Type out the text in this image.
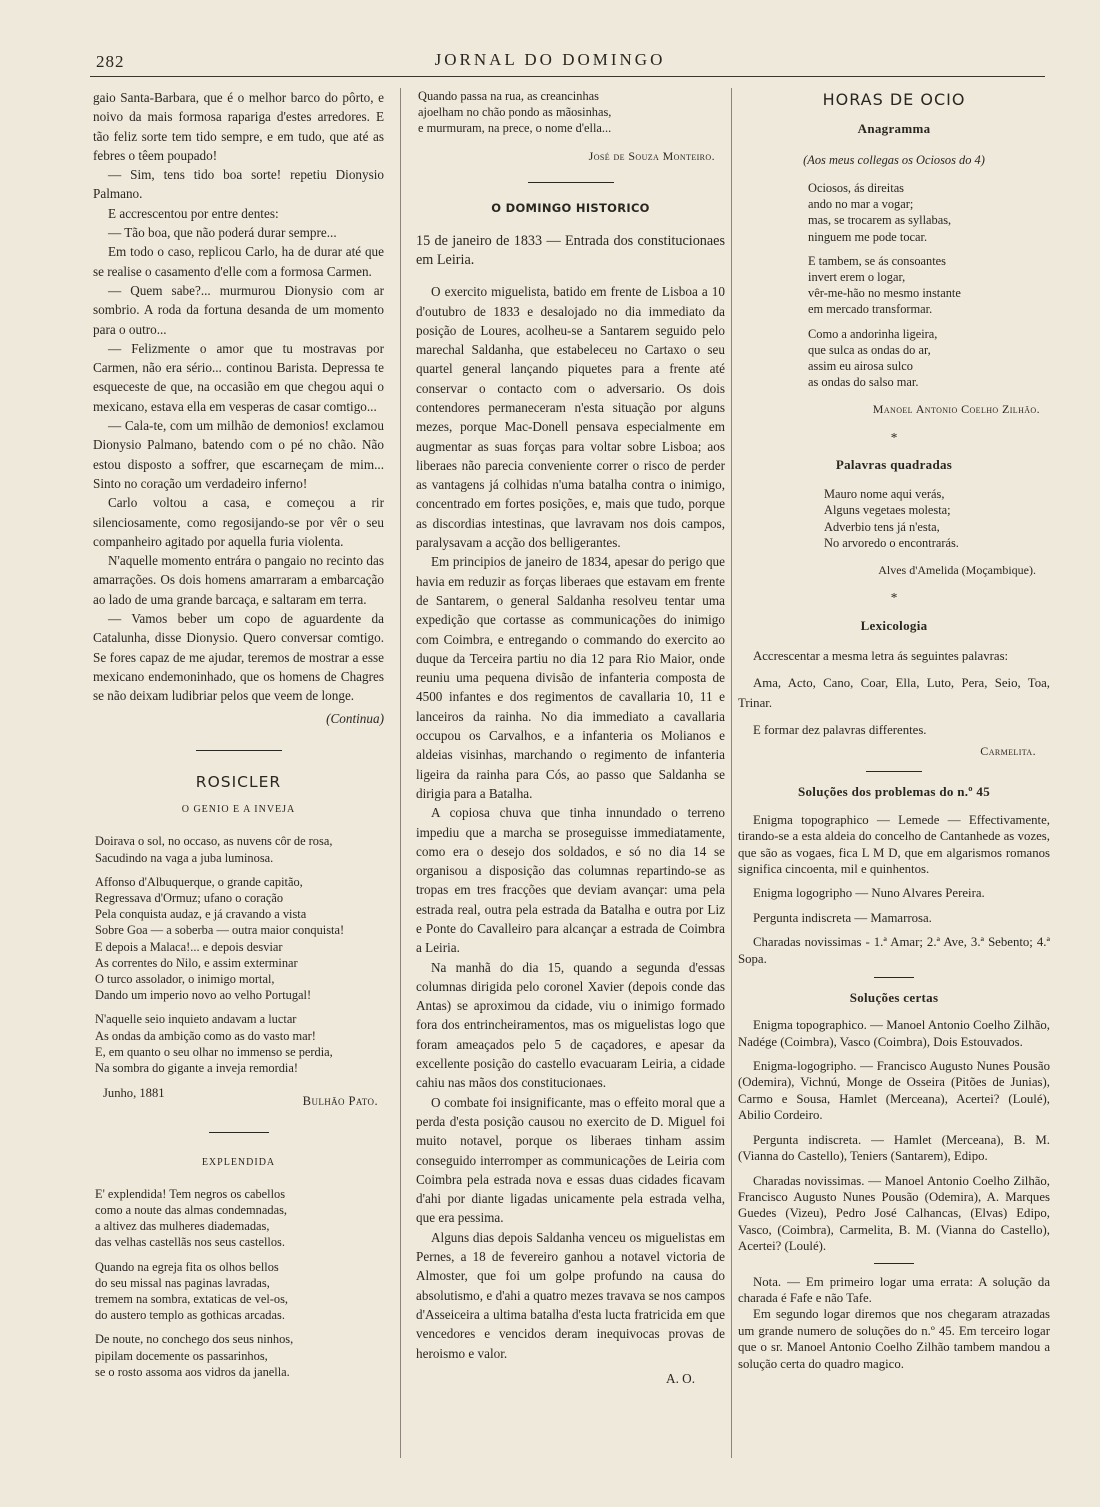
282	JORNAL DO DOMINGO

gaio Santa-Barbara, que é o melhor barco do pôrto, e noivo da mais formosa rapariga d'estes arredores. E tão feliz sorte tem tido sempre, e em tudo, que até as febres o têem poupado!

— Sim, tens tido boa sorte! repetiu Dionysio Palmano.

E accrescentou por entre dentes:

— Tão boa, que não poderá durar sempre...

Em todo o caso, replicou Carlo, ha de durar até que se realise o casamento d'elle com a formosa Carmen.

— Quem sabe?... murmurou Dionysio com ar sombrio. A roda da fortuna desanda de um momento para o outro...

— Felizmente o amor que tu mostravas por Carmen, não era sério... continou Barista. Depressa te esqueceste de que, na occasião em que chegou aqui o mexicano, estava ella em vesperas de casar comtigo...

— Cala-te, com um milhão de demonios! exclamou Dionysio Palmano, batendo com o pé no chão. Não estou disposto a soffrer, que escarneçam de mim... Sinto no coração um verdadeiro inferno!

Carlo voltou a casa, e começou a rir silenciosamente, como regosijando-se por vêr o seu companheiro agitado por aquella furia violenta.

N'aquelle momento entrára o pangaio no recinto das amarrações. Os dois homens amarraram a embarcação ao lado de uma grande barcaça, e saltaram em terra.

— Vamos beber um copo de aguardente da Catalunha, disse Dionysio. Quero conversar comtigo. Se fores capaz de me ajudar, teremos de mostrar a esse mexicano endemoninhado, que os homens de Chagres se não deixam ludibriar pelos que veem de longe.

(Continua)

ROSICLER
O GENIO E A INVEJA
Doirava o sol, no occaso, as nuvens côr de rosa,
Sacudindo na vaga a juba luminosa.
Affonso d'Albuquerque, o grande capitão,
Regressava d'Ormuz; ufano o coração
Pela conquista audaz, e já cravando a vista
Sobre Goa — a soberba — outra maior conquista!
E depois a Malaca!... e depois desviar
As correntes do Nilo, e assim exterminar
O turco assolador, o inimigo mortal,
Dando um imperio novo ao velho Portugal!
N'aquelle seio inquieto andavam a luctar
As ondas da ambição como as do vasto mar!
E, em quanto o seu olhar no immenso se perdia,
Na sombra do gigante a inveja remordia!
Junho, 1881
Bulhão Pato.
EXPLENDIDA
E' explendida! Tem negros os cabellos
como a noute das almas condemnadas,
a altivez das mulheres diademadas,
das velhas castellãs nos seus castellos.
Quando na egreja fita os olhos bellos
do seu missal nas paginas lavradas,
tremem na sombra, extaticas de vel-os,
do austero templo as gothicas arcadas.
De noute, no conchego dos seus ninhos,
pipilam docemente os passarinhos,
se o rosto assoma aos vidros da janella.
Quando passa na rua, as creancinhas
ajoelham no chão pondo as mãosinhas,
e murmuram, na prece, o nome d'ella...

José de Souza Monteiro.

O DOMINGO HISTORICO

15 de janeiro de 1833 — Entrada dos constitucionaes em Leiria.

O exercito miguelista, batido em frente de Lisboa a 10 d'outubro de 1833 e desalojado no dia immediato da posição de Loures, acolheu-se a Santarem seguido pelo marechal Saldanha, que estabeleceu no Cartaxo o seu quartel general lançando piquetes para a frente até conservar o contacto com o adversario. Os dois contendores permaneceram n'esta situação por alguns mezes, porque Mac-Donell pensava especialmente em augmentar as suas forças para voltar sobre Lisboa; aos liberaes não parecia conveniente correr o risco de perder as vantagens já colhidas n'uma batalha contra o inimigo, concentrado em fortes posições, e, mais que tudo, porque as discordias intestinas, que lavravam nos dois campos, paralysavam a acção dos belligerantes.

Em principios de janeiro de 1834, apesar do perigo que havia em reduzir as forças liberaes que estavam em frente de Santarem, o general Saldanha resolveu tentar uma expedição que cortasse as communicações do inimigo com Coimbra, e entregando o commando do exercito ao duque da Terceira partiu no dia 12 para Rio Maior, onde reuniu uma pequena divisão de infanteria composta de 4500 infantes e dos regimentos de cavallaria 10, 11 e lanceiros da rainha. No dia immediato a cavallaria occupou os Carvalhos, e a infanteria os Molianos e aldeias visinhas, marchando o regimento de infanteria ligeira da rainha para Cós, ao passo que Saldanha se dirigia para a Batalha.

A copiosa chuva que tinha innundado o terreno impediu que a marcha se proseguisse immediatamente, como era o desejo dos soldados, e só no dia 14 se organisou a disposição das columnas repartindo-se as tropas em tres fracções que deviam avançar: uma pela estrada real, outra pela estrada da Batalha e outra por Liz e Ponte do Cavalleiro para alcançar a estrada de Coimbra a Leiria.

Na manhã do dia 15, quando a segunda d'essas columnas dirigida pelo coronel Xavier (depois conde das Antas) se aproximou da cidade, viu o inimigo formado fora dos entrincheiramentos, mas os miguelistas logo que foram ameaçados pelo 5 de caçadores, e apesar da excellente posição do castello evacuaram Leiria, a cidade cahiu nas mãos dos constitucionaes.

O combate foi insignificante, mas o effeito moral que a perda d'esta posição causou no exercito de D. Miguel foi muito notavel, porque os liberaes tinham assim conseguido interromper as communicações de Leiria com Coimbra pela estrada nova e essas duas cidades ficavam d'ahi por diante ligadas unicamente pela estrada velha, que era pessima.

Alguns dias depois Saldanha venceu os miguelistas em Pernes, a 18 de fevereiro ganhou a notavel victoria de Almoster, que foi um golpe profundo na causa do absolutismo, e d'ahi a quatro mezes travava se nos campos d'Asseiceira a ultima batalha d'esta lucta fratricida em que vencedores e vencidos deram inequivocas provas de heroismo e valor.

A. O.

HORAS DE OCIO
Anagramma

(Aos meus collegas os Ociosos do 4)

Ociosos, ás direitas
ando no mar a vogar;
mas, se trocarem as syllabas,
ninguem me pode tocar.
E tambem, se ás consoantes
invert erem o logar,
vêr-me-hão no mesmo instante
em mercado transformar.
Como a andorinha ligeira,
que sulca as ondas do ar,
assim eu airosa sulco
as ondas do salso mar.

Manoel Antonio Coelho Zilhão.

*

Palavras quadradas
Mauro nome aqui verás,
Alguns vegetaes molesta;
Adverbio tens já n'esta,
No arvoredo o encontrarás.

Alves d'Amelida (Moçambique).

*

Lexicologia

Accrescentar a mesma letra ás seguintes palavras:

Ama, Acto, Cano, Coar, Ella, Luto, Pera, Seio, Toa, Trinar.

E formar dez palavras differentes.

Carmelita.

Soluções dos problemas do n.º 45

Enigma topographico — Lemede — Effectivamente, tirando-se a esta aldeia do concelho de Cantanhede as vozes, que são as vogaes, fica L M D, que em algarismos romanos significa cincoenta, mil e quinhentos.

Enigma logogripho — Nuno Alvares Pereira.

Pergunta indiscreta — Mamarrosa.

Charadas novissimas - 1.ª Amar; 2.ª Ave, 3.ª Sebento; 4.ª Sopa.

Soluções certas

Enigma topographico. — Manoel Antonio Coelho Zilhão, Nadége (Coimbra), Vasco (Coimbra), Dois Estouvados.

Enigma-logogripho. — Francisco Augusto Nunes Pousão (Odemira), Vichnú, Monge de Osseira (Pitões de Junias), Carmo e Sousa, Hamlet (Merceana), Acertei? (Loulé), Abilio Cordeiro.

Pergunta indiscreta. — Hamlet (Merceana), B. M. (Vianna do Castello), Teniers (Santarem), Edipo.

Charadas novissimas. — Manoel Antonio Coelho Zilhão, Francisco Augusto Nunes Pousão (Odemira), A. Marques Guedes (Vizeu), Pedro José Calhancas, (Elvas) Edipo, Vasco, (Coimbra), Carmelita, B. M. (Vianna do Castello), Acertei? (Loulé).

Nota. — Em primeiro logar uma errata: A solução da charada é Fafe e não Tafe.

Em segundo logar diremos que nos chegaram atrazadas um grande numero de soluções do n.º 45. Em terceiro logar que o sr. Manoel Antonio Coelho Zilhão tambem mandou a solução certa do quadro magico.
